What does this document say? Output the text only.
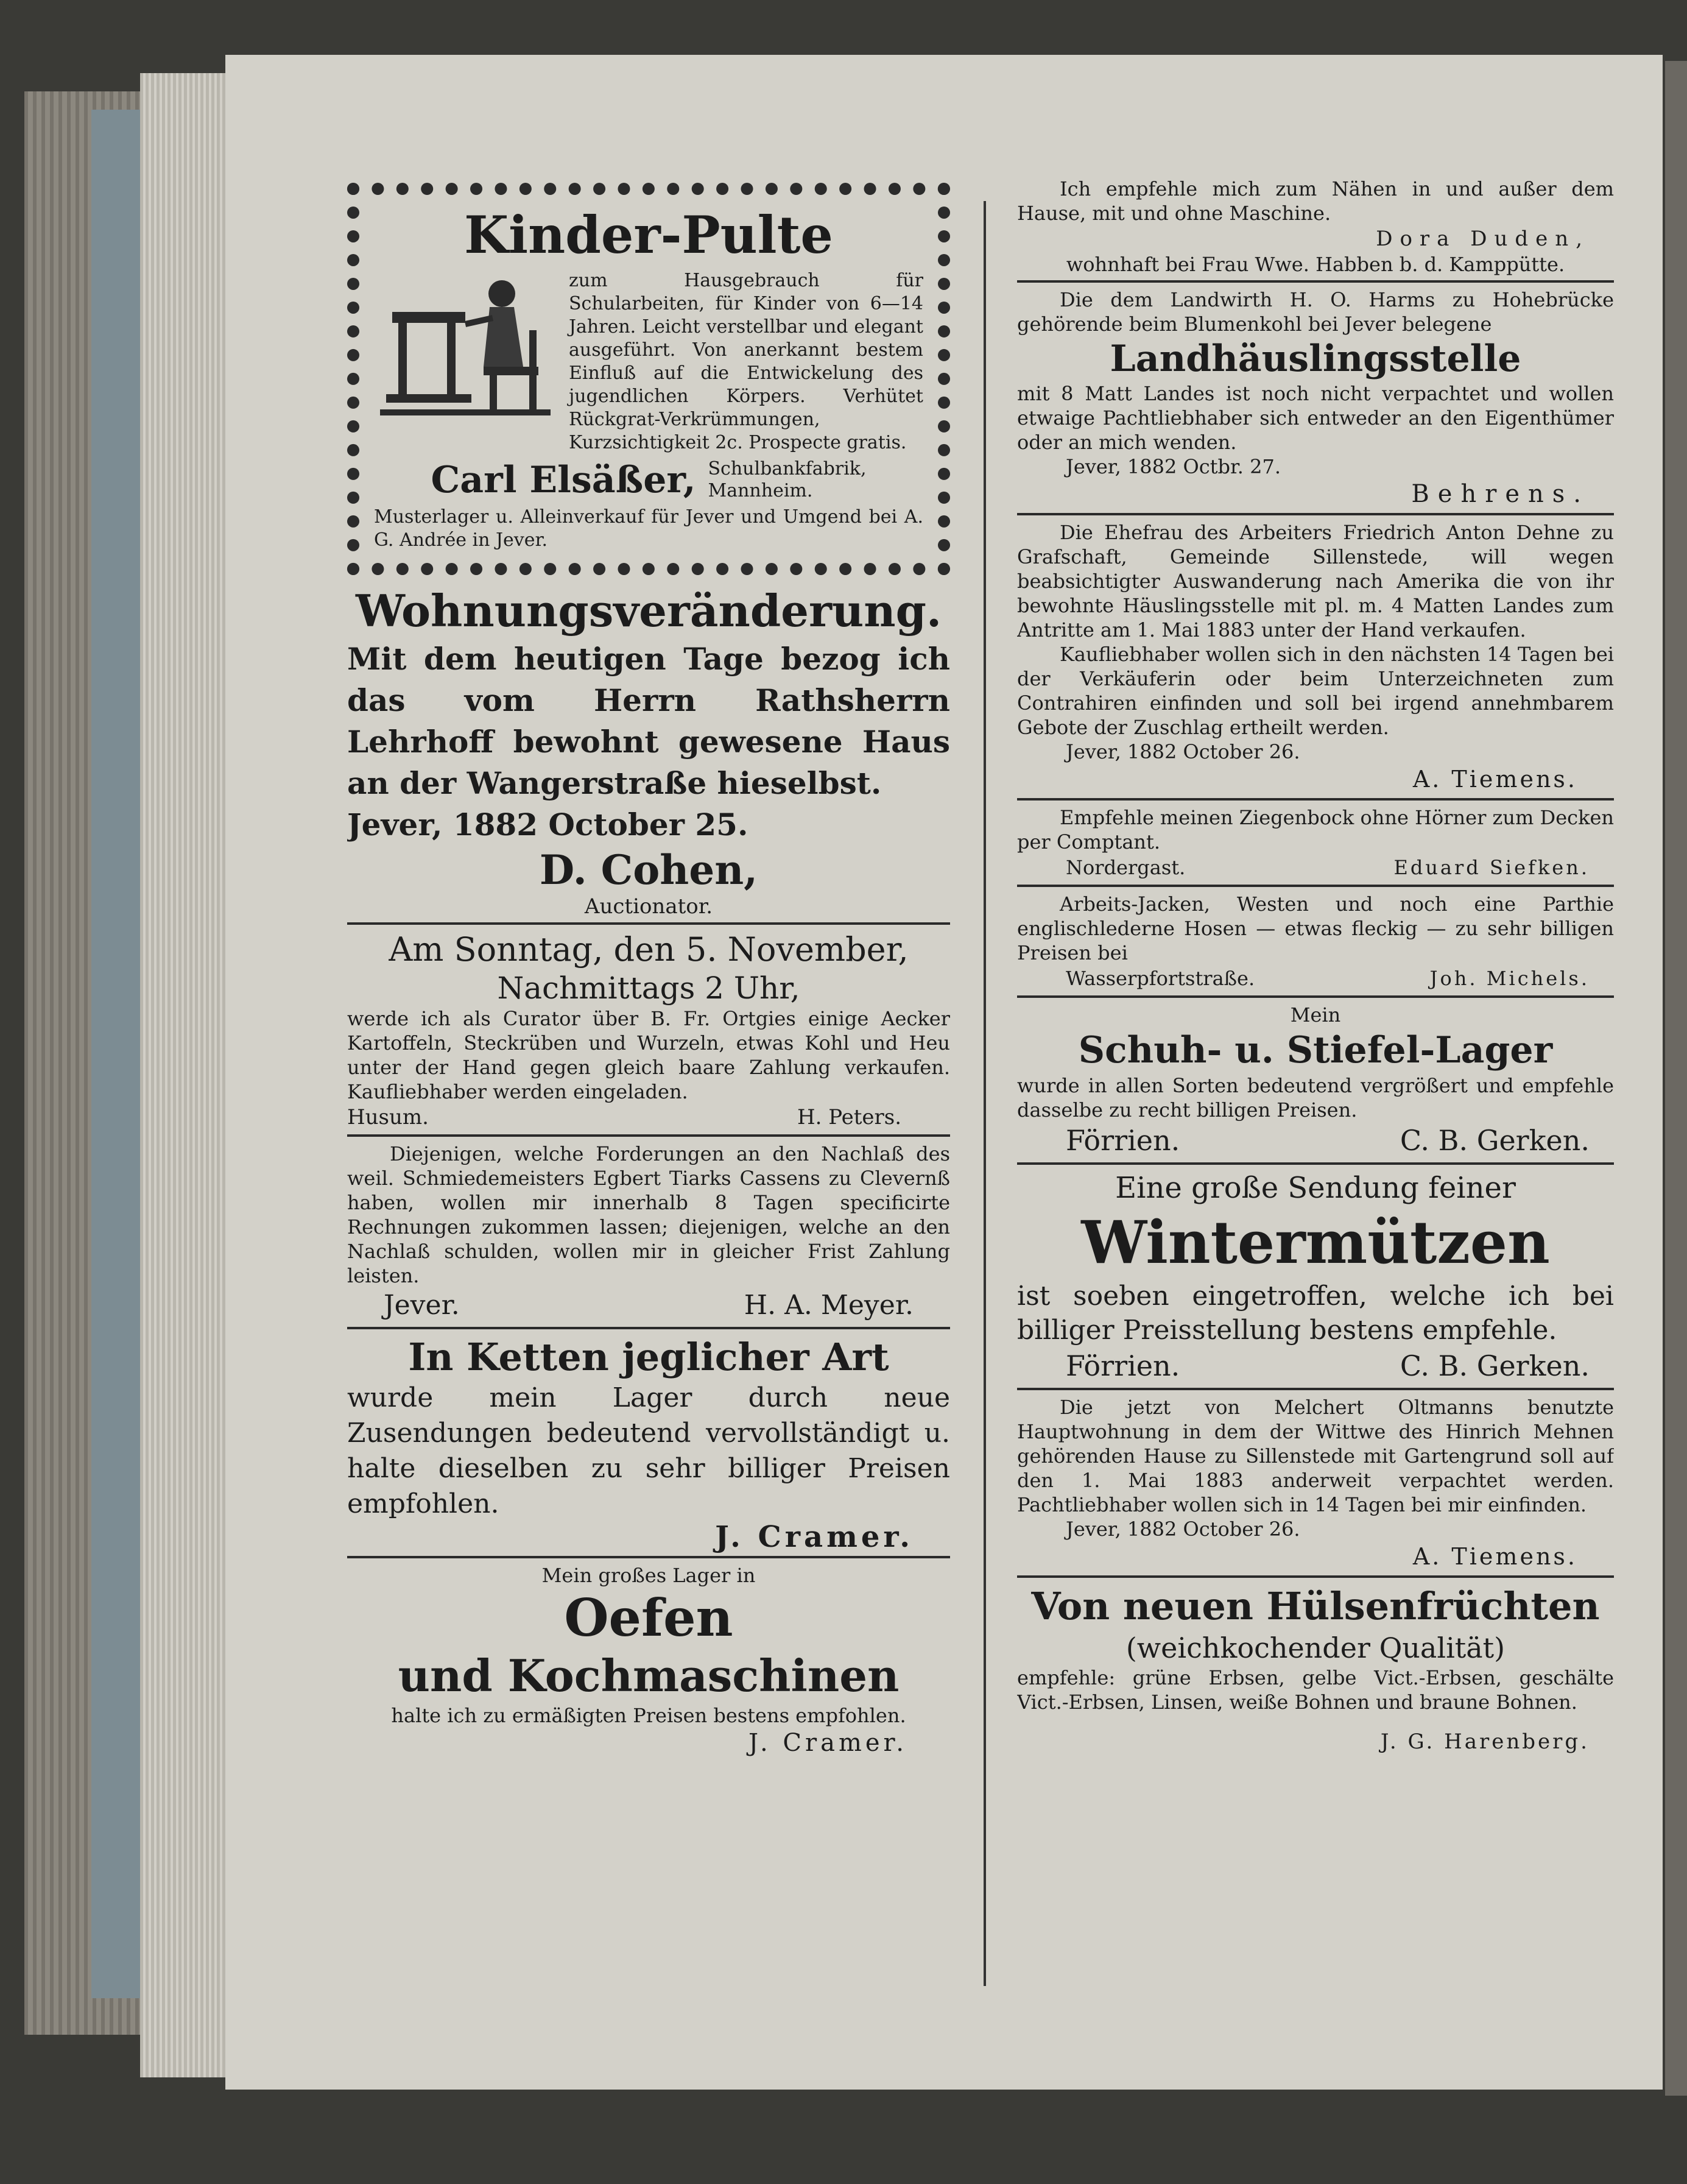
Kinder-Pulte

zum Hausgebrauch für Schularbeiten, für Kinder von 6—14 Jahren. Leicht verstellbar und elegant ausgeführt. Von anerkannt bestem Einfluß auf die Entwickelung des jugendlichen Körpers. Verhütet Rückgrat-Verkrümmungen, Kurzsichtigkeit 2c. Prospecte gratis.

Carl Elsäßer, Schulbankfabrik, Mannheim.

Musterlager u. Alleinverkauf für Jever und Umgend bei A. G. Andrée in Jever.

Wohnungsveränderung.

Mit dem heutigen Tage bezog ich das vom Herrn Rathsherrn Lehrhoff bewohnt gewesene Haus an der Wangerstraße hieselbst.

Jever, 1882 October 25.

D. Cohen,

Auctionator.

Am Sonntag, den 5. November,
Nachmittags 2 Uhr,

werde ich als Curator über B. Fr. Ortgies einige Aecker Kartoffeln, Steckrüben und Wurzeln, etwas Kohl und Heu unter der Hand gegen gleich baare Zahlung verkaufen. Kaufliebhaber werden eingeladen.

Husum.	H. Peters.

Diejenigen, welche Forderungen an den Nachlaß des weil. Schmiedemeisters Egbert Tiarks Cassens zu Clevernß haben, wollen mir innerhalb 8 Tagen specificirte Rechnungen zukommen lassen; diejenigen, welche an den Nachlaß schulden, wollen mir in gleicher Frist Zahlung leisten.

Jever.	H. A. Meyer.
In Ketten jeglicher Art

wurde mein Lager durch neue Zusendungen bedeutend vervollständigt u. halte dieselben zu sehr billiger Preisen empfohlen.

J. Cramer.

Mein großes Lager in

Oefen
und Kochmaschinen

halte ich zu ermäßigten Preisen bestens empfohlen.

J. Cramer.

Ich empfehle mich zum Nähen in und außer dem Hause, mit und ohne Maschine.

Dora Duden,

wohnhaft bei Frau Wwe. Habben b. d. Kamppütte.

Die dem Landwirth H. O. Harms zu Hohebrücke gehörende beim Blumenkohl bei Jever belegene

Landhäuslingsstelle

mit 8 Matt Landes ist noch nicht verpachtet und wollen etwaige Pachtliebhaber sich entweder an den Eigenthümer oder an mich wenden.

Jever, 1882 Octbr. 27.

Behrens.

Die Ehefrau des Arbeiters Friedrich Anton Dehne zu Grafschaft, Gemeinde Sillenstede, will wegen beabsichtigter Auswanderung nach Amerika die von ihr bewohnte Häuslingsstelle mit pl. m. 4 Matten Landes zum Antritte am 1. Mai 1883 unter der Hand verkaufen.

Kaufliebhaber wollen sich in den nächsten 14 Tagen bei der Verkäuferin oder beim Unterzeichneten zum Contrahiren einfinden und soll bei irgend annehmbarem Gebote der Zuschlag ertheilt werden.

Jever, 1882 October 26.

A. Tiemens.

Empfehle meinen Ziegenbock ohne Hörner zum Decken per Comptant.

Nordergast.	Eduard Siefken.

Arbeits-Jacken, Westen und noch eine Parthie englischlederne Hosen — etwas fleckig — zu sehr billigen Preisen bei

Wasserpfortstraße.	Joh. Michels.

Mein

Schuh- u. Stiefel-Lager

wurde in allen Sorten bedeutend vergrößert und empfehle dasselbe zu recht billigen Preisen.

Förrien.	C. B. Gerken.

Eine große Sendung feiner

Wintermützen

ist soeben eingetroffen, welche ich bei billiger Preisstellung bestens empfehle.

Förrien.	C. B. Gerken.

Die jetzt von Melchert Oltmanns benutzte Hauptwohnung in dem der Wittwe des Hinrich Mehnen gehörenden Hause zu Sillenstede mit Gartengrund soll auf den 1. Mai 1883 anderweit verpachtet werden. Pachtliebhaber wollen sich in 14 Tagen bei mir einfinden.

Jever, 1882 October 26.

A. Tiemens.
Von neuen Hülsenfrüchten

(weichkochender Qualität)

empfehle: grüne Erbsen, gelbe Vict.-Erbsen, geschälte Vict.-Erbsen, Linsen, weiße Bohnen und braune Bohnen.

J. G. Harenberg.
